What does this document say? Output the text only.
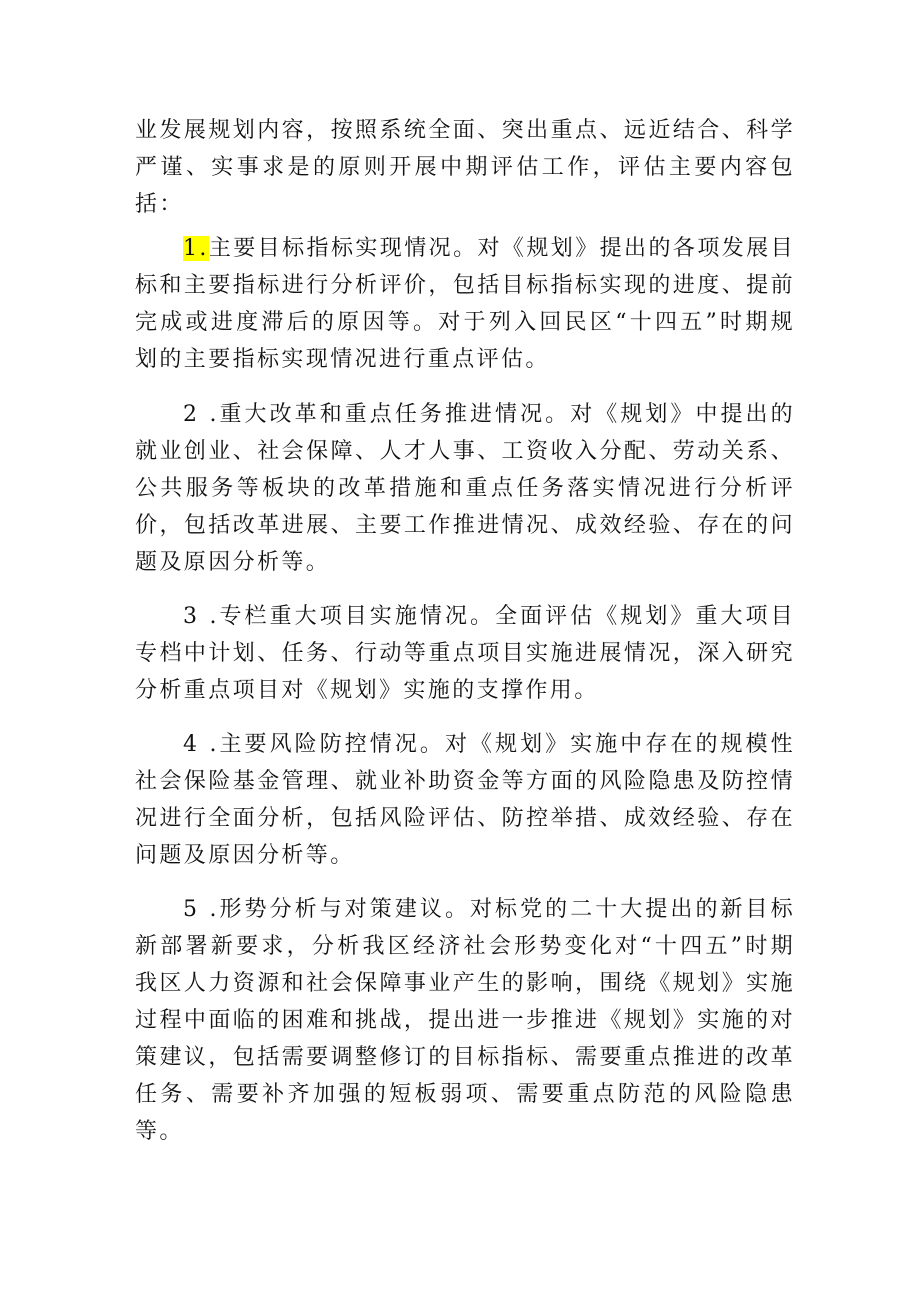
业发展规划内容，按照系统全面、突出重点、远近结合、科学严谨、实事求是的原则开展中期评估工作，评估主要内容包括：

1.主要目标指标实现情况。对《规划》提出的各项发展目标和主要指标进行分析评价，包括目标指标实现的进度、提前完成或进度滞后的原因等。对于列入回民区“十四五”时期规划的主要指标实现情况进行重点评估。

2 .重大改革和重点任务推进情况。对《规划》中提出的就业创业、社会保障、人才人事、工资收入分配、劳动关系、公共服务等板块的改革措施和重点任务落实情况进行分析评价，包括改革进展、主要工作推进情况、成效经验、存在的问题及原因分析等。

3 .专栏重大项目实施情况。全面评估《规划》重大项目专档中计划、任务、行动等重点项目实施进展情况，深入研究分析重点项目对《规划》实施的支撑作用。

4 .主要风险防控情况。对《规划》实施中存在的规模性社会保险基金管理、就业补助资金等方面的风险隐患及防控情况进行全面分析，包括风险评估、防控举措、成效经验、存在问题及原因分析等。

5 .形势分析与对策建议。对标党的二十大提出的新目标新部署新要求，分析我区经济社会形势变化对“十四五”时期我区人力资源和社会保障事业产生的影响，围绕《规划》实施过程中面临的困难和挑战，提出进一步推进《规划》实施的对策建议，包括需要调整修订的目标指标、需要重点推进的改革任务、需要补齐加强的短板弱项、需要重点防范的风险隐患等。
